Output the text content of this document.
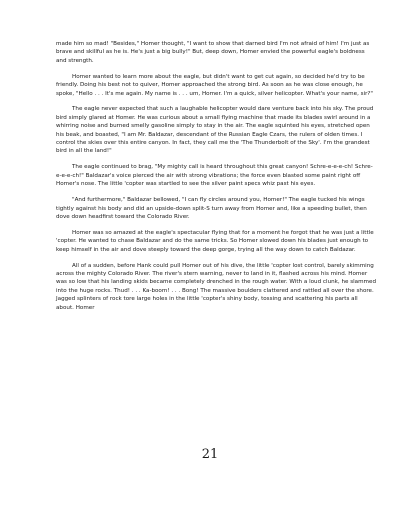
made him so mad! "Besides," Homer thought, "I want to show that darned bird I'm not afraid of him! I'm just as brave and skillful as he is. He's just a big bully!" But, deep down, Homer envied the powerful eagle's boldness and strength.

Homer wanted to learn more about the eagle, but didn't want to get cut again, so decided he'd try to be friendly. Doing his best not to quiver, Homer approached the strong bird. As soon as he was close enough, he spoke, "Hello . . . It's me again. My name is . . . um, Homer. I'm a quick, silver helicopter. What's your name, sir?"

The eagle never expected that such a laughable helicopter would dare venture back into his sky. The proud bird simply glared at Homer. He was curious about a small flying machine that made its blades swirl around in a whirring noise and burned smelly gasoline simply to stay in the air. The eagle squinted his eyes, stretched open his beak, and boasted, "I am Mr. Baldazar, descendant of the Russian Eagle Czars, the rulers of olden times. I control the skies over this entire canyon. In fact, they call me the 'The Thunderbolt of the Sky'. I'm the grandest bird in all the land!"

The eagle continued to brag, "My mighty call is heard throughout this great canyon! Schre-e-e-e-ch! Schre-e-e-e-ch!" Baldazar's voice pierced the air with strong vibrations; the force even blasted some paint right off Homer's nose. The little 'copter was startled to see the silver paint specs whiz past his eyes.

"And furthermore," Baldazar bellowed, "I can fly circles around you, Homer!" The eagle tucked his wings tightly against his body and did an upside-down split-S turn away from Homer and, like a speeding bullet, then dove down headfirst toward the Colorado River.

Homer was so amazed at the eagle's spectacular flying that for a moment he forgot that he was just a little 'copter. He wanted to chase Baldazar and do the same tricks. So Homer slowed down his blades just enough to keep himself in the air and dove steeply toward the deep gorge, trying all the way down to catch Baldazar.

All of a sudden, before Hank could pull Homer out of his dive, the little 'copter lost control, barely skimming across the mighty Colorado River. The river's stern warning, never to land in it, flashed across his mind. Homer was so low that his landing skids became completely drenched in the rough water. With a loud clunk, he slammed into the huge rocks. Thud! . . . Ka-boom! . . . Bong! The massive boulders clattered and rattled all over the shore. Jagged splinters of rock tore large holes in the little 'copter's shiny body, tossing and scattering his parts all about. Homer

21
